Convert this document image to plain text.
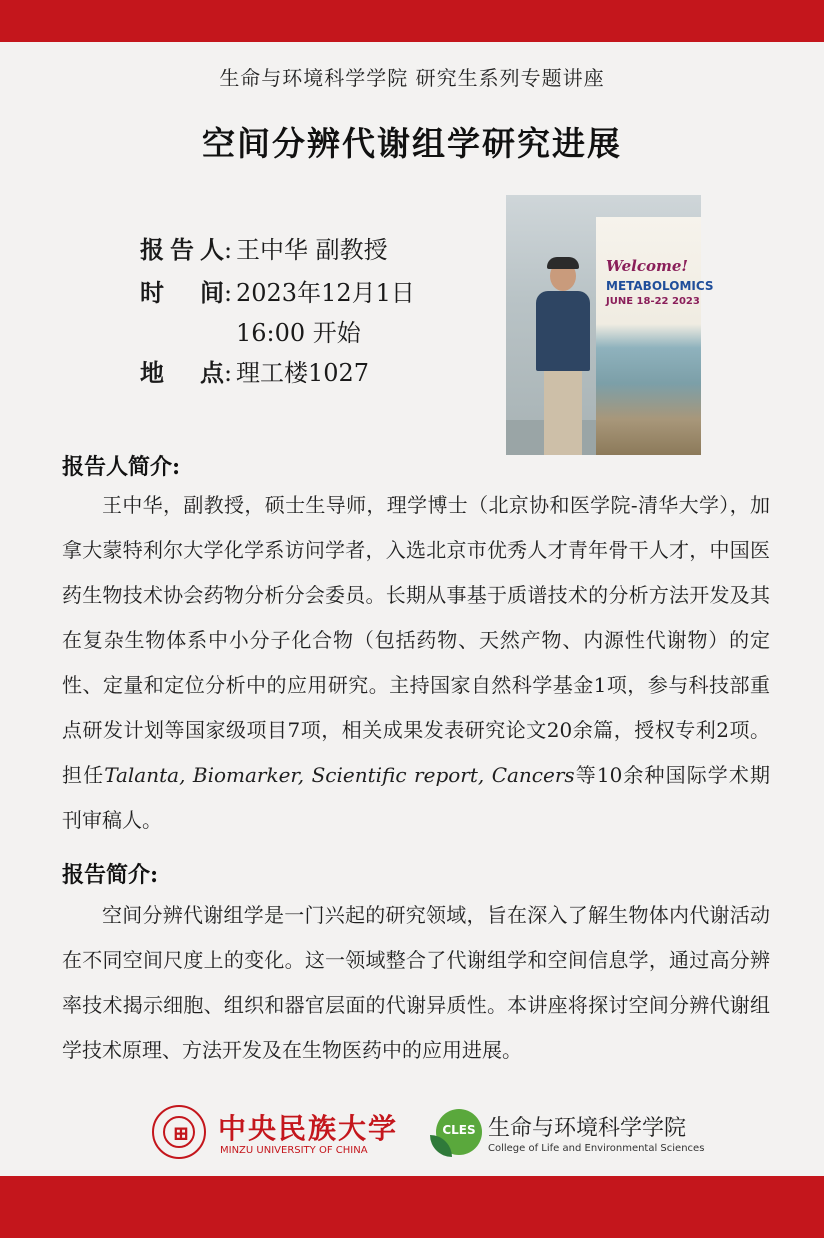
生命与环境科学学院 研究生系列专题讲座
空间分辨代谢组学研究进展
报告人: 王中华 副教授
时 间: 2023年12月1日
16:00 开始
地 点: 理工楼1027
Welcome!
METABOLOMICS
JUNE 18-22 2023
报告人简介:
王中华，副教授，硕士生导师，理学博士（北京协和医学院-清华大学），加拿大蒙特利尔大学化学系访问学者，入选北京市优秀人才青年骨干人才，中国医药生物技术协会药物分析分会委员。长期从事基于质谱技术的分析方法开发及其在复杂生物体系中小分子化合物（包括药物、天然产物、内源性代谢物）的定性、定量和定位分析中的应用研究。主持国家自然科学基金1项，参与科技部重点研发计划等国家级项目7项，相关成果发表研究论文20余篇，授权专利2项。担任Talanta, Biomarker, Scientific report, Cancers等10余种国际学术期刊审稿人。
报告简介:
空间分辨代谢组学是一门兴起的研究领域，旨在深入了解生物体内代谢活动在不同空间尺度上的变化。这一领域整合了代谢组学和空间信息学，通过高分辨率技术揭示细胞、组织和器官层面的代谢异质性。本讲座将探讨空间分辨代谢组学技术原理、方法开发及在生物医药中的应用进展。
⊞ 中央民族大学
MINZU UNIVERSITY OF CHINA
CLES 生命与环境科学学院
College of Life and Environmental Sciences
